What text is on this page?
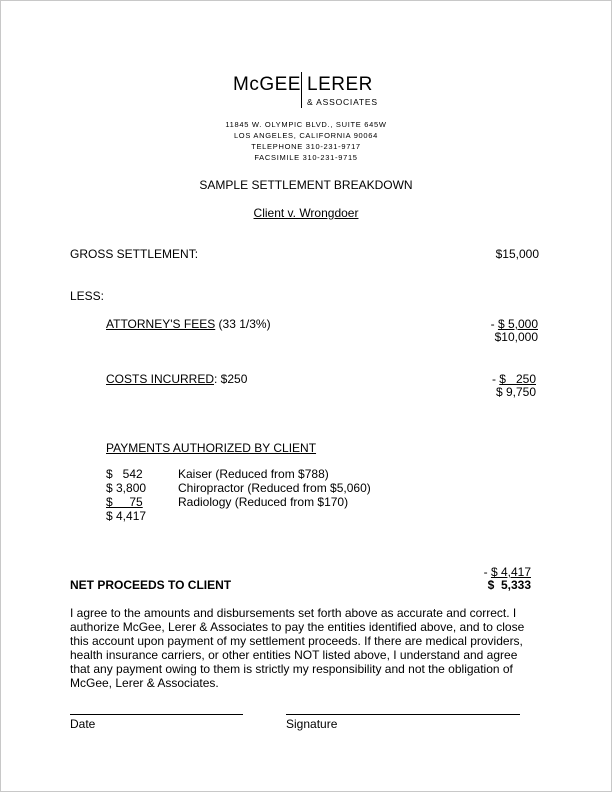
McGEE LERER
& ASSOCIATES
11845 W. OLYMPIC BLVD., SUITE 645W
LOS ANGELES, CALIFORNIA 90064
TELEPHONE 310-231-9717
FACSIMILE 310-231-9715
SAMPLE SETTLEMENT BREAKDOWN
Client v. Wrongdoer
GROSS SETTLEMENT:	$15,000
LESS:
ATTORNEY'S FEES (33 1/3%)	- $ 5,000
$10,000
COSTS INCURRED: $250	- $   250
$ 9,750
PAYMENTS AUTHORIZED BY CLIENT
$   542	Kaiser (Reduced from $788)
$ 3,800	Chiropractor (Reduced from $5,060)
$     75	Radiology (Reduced from $170)
$ 4,417	
- $ 4,417
NET PROCEEDS TO CLIENT	$  5,333
I agree to the amounts and disbursements set forth above as accurate and correct. I authorize McGee, Lerer & Associates to pay the entities identified above, and to close this account upon payment of my settlement proceeds. If there are medical providers, health insurance carriers, or other entities NOT listed above, I understand and agree that any payment owing to them is strictly my responsibility and not the obligation of McGee, Lerer & Associates.
Date	Signature
